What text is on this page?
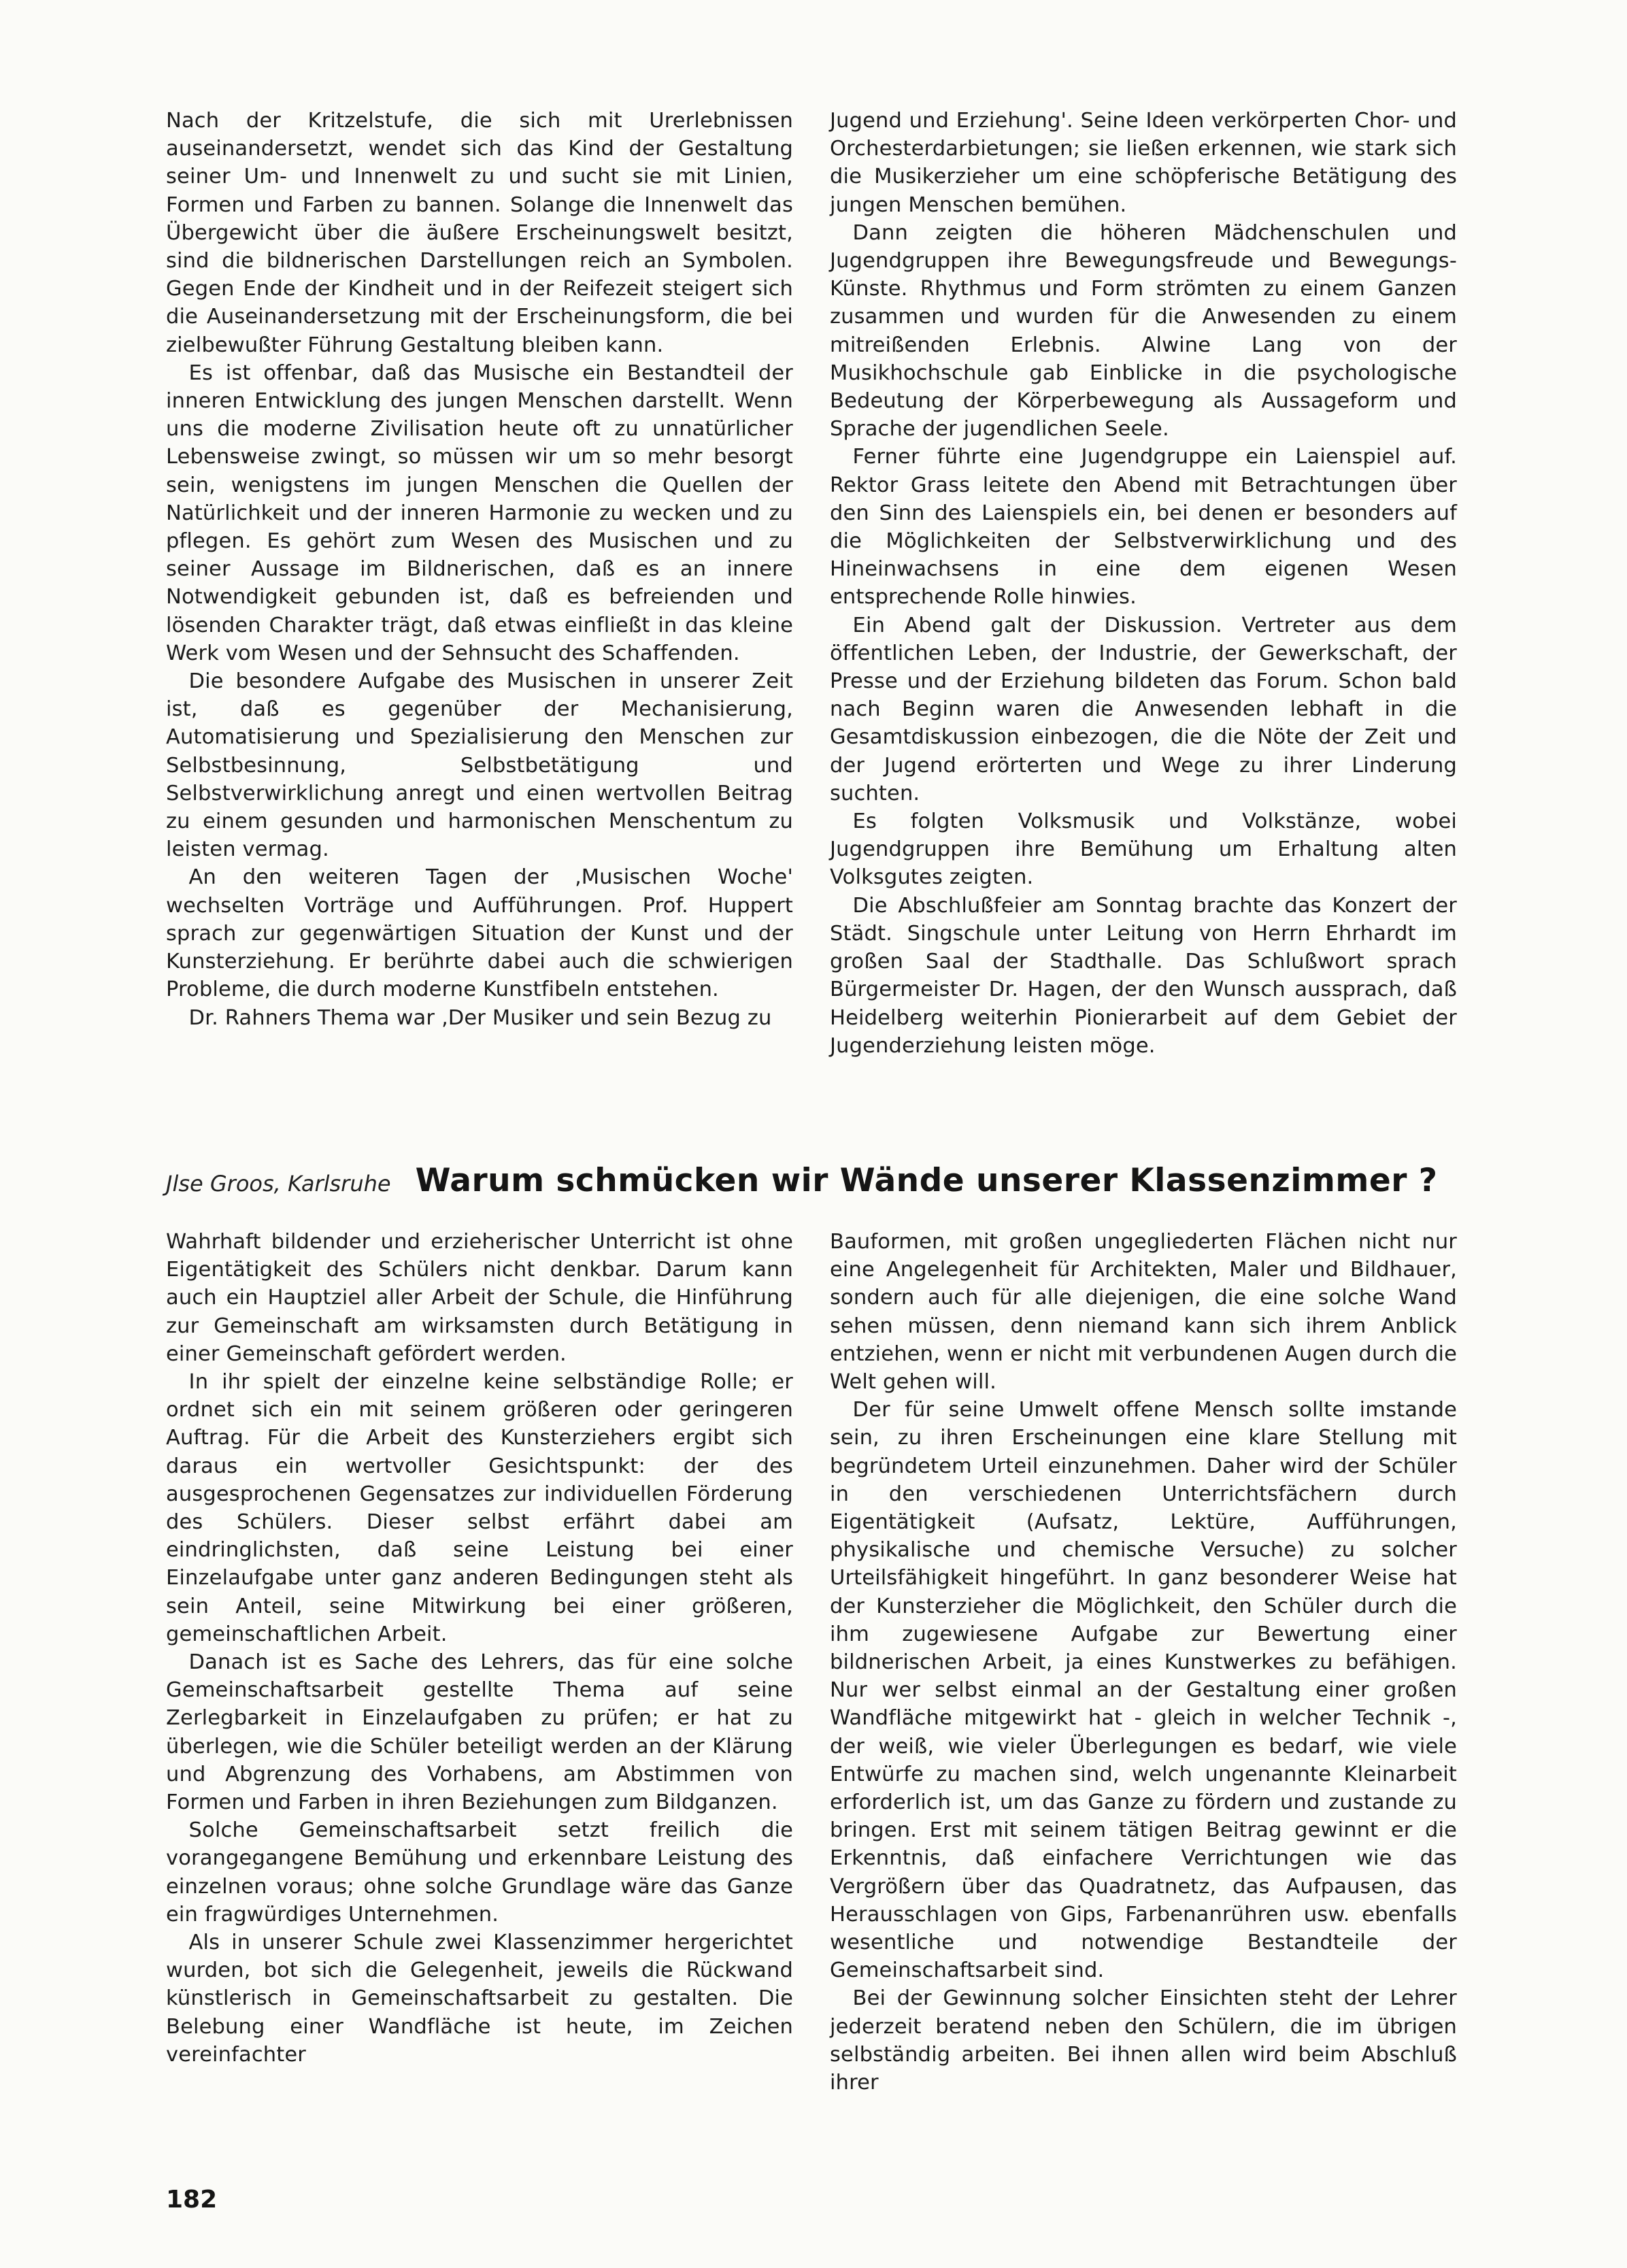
Nach der Kritzelstufe, die sich mit Urerlebnissen auseinandersetzt, wendet sich das Kind der Gestaltung seiner Um- und Innenwelt zu und sucht sie mit Linien, Formen und Farben zu bannen. Solange die Innenwelt das Übergewicht über die äußere Erscheinungswelt besitzt, sind die bildnerischen Darstellungen reich an Symbolen. Gegen Ende der Kindheit und in der Reifezeit steigert sich die Auseinandersetzung mit der Erscheinungsform, die bei zielbewußter Führung Gestaltung bleiben kann.

Es ist offenbar, daß das Musische ein Bestandteil der inneren Entwicklung des jungen Menschen darstellt. Wenn uns die moderne Zivilisation heute oft zu unnatürlicher Lebensweise zwingt, so müssen wir um so mehr besorgt sein, wenigstens im jungen Menschen die Quellen der Natürlichkeit und der inneren Harmonie zu wecken und zu pflegen. Es gehört zum Wesen des Musischen und zu seiner Aussage im Bildnerischen, daß es an innere Notwendigkeit gebunden ist, daß es befreienden und lösenden Charakter trägt, daß etwas einfließt in das kleine Werk vom Wesen und der Sehnsucht des Schaffenden.

Die besondere Aufgabe des Musischen in unserer Zeit ist, daß es gegenüber der Mechanisierung, Automatisierung und Spezialisierung den Menschen zur Selbstbesinnung, Selbstbetätigung und Selbstverwirklichung anregt und einen wertvollen Beitrag zu einem gesunden und harmonischen Menschentum zu leisten vermag.

An den weiteren Tagen der ‚Musischen Woche' wechselten Vorträge und Aufführungen. Prof. Huppert sprach zur gegenwärtigen Situation der Kunst und der Kunsterziehung. Er berührte dabei auch die schwierigen Probleme, die durch moderne Kunstfibeln entstehen.

Dr. Rahners Thema war ‚Der Musiker und sein Bezug zu

Jugend und Erziehung'. Seine Ideen verkörperten Chor- und Orchesterdarbietungen; sie ließen erkennen, wie stark sich die Musikerzieher um eine schöpferische Betätigung des jungen Menschen bemühen.

Dann zeigten die höheren Mädchenschulen und Jugendgruppen ihre Bewegungsfreude und Bewegungs-Künste. Rhythmus und Form strömten zu einem Ganzen zusammen und wurden für die Anwesenden zu einem mitreißenden Erlebnis. Alwine Lang von der Musikhochschule gab Einblicke in die psychologische Bedeutung der Körperbewegung als Aussageform und Sprache der jugendlichen Seele.

Ferner führte eine Jugendgruppe ein Laienspiel auf. Rektor Grass leitete den Abend mit Betrachtungen über den Sinn des Laienspiels ein, bei denen er besonders auf die Möglichkeiten der Selbstverwirklichung und des Hineinwachsens in eine dem eigenen Wesen entsprechende Rolle hinwies.

Ein Abend galt der Diskussion. Vertreter aus dem öffentlichen Leben, der Industrie, der Gewerkschaft, der Presse und der Erziehung bildeten das Forum. Schon bald nach Beginn waren die Anwesenden lebhaft in die Gesamtdiskussion einbezogen, die die Nöte der Zeit und der Jugend erörterten und Wege zu ihrer Linderung suchten.

Es folgten Volksmusik und Volkstänze, wobei Jugendgruppen ihre Bemühung um Erhaltung alten Volksgutes zeigten.

Die Abschlußfeier am Sonntag brachte das Konzert der Städt. Singschule unter Leitung von Herrn Ehrhardt im großen Saal der Stadthalle. Das Schlußwort sprach Bürgermeister Dr. Hagen, der den Wunsch aussprach, daß Heidelberg weiterhin Pionierarbeit auf dem Gebiet der Jugenderziehung leisten möge.

Jlse Groos, Karlsruhe Warum schmücken wir Wände unserer Klassenzimmer ?

Wahrhaft bildender und erzieherischer Unterricht ist ohne Eigentätigkeit des Schülers nicht denkbar. Darum kann auch ein Hauptziel aller Arbeit der Schule, die Hinführung zur Gemeinschaft am wirksamsten durch Betätigung in einer Gemeinschaft gefördert werden.

In ihr spielt der einzelne keine selbständige Rolle; er ordnet sich ein mit seinem größeren oder geringeren Auftrag. Für die Arbeit des Kunsterziehers ergibt sich daraus ein wertvoller Gesichtspunkt: der des ausgesprochenen Gegensatzes zur individuellen Förderung des Schülers. Dieser selbst erfährt dabei am eindringlichsten, daß seine Leistung bei einer Einzelaufgabe unter ganz anderen Bedingungen steht als sein Anteil, seine Mitwirkung bei einer größeren, gemeinschaftlichen Arbeit.

Danach ist es Sache des Lehrers, das für eine solche Gemeinschaftsarbeit gestellte Thema auf seine Zerlegbarkeit in Einzelaufgaben zu prüfen; er hat zu überlegen, wie die Schüler beteiligt werden an der Klärung und Abgrenzung des Vorhabens, am Abstimmen von Formen und Farben in ihren Beziehungen zum Bildganzen.

Solche Gemeinschaftsarbeit setzt freilich die vorangegangene Bemühung und erkennbare Leistung des einzelnen voraus; ohne solche Grundlage wäre das Ganze ein fragwürdiges Unternehmen.

Als in unserer Schule zwei Klassenzimmer hergerichtet wurden, bot sich die Gelegenheit, jeweils die Rückwand künstlerisch in Gemeinschaftsarbeit zu gestalten. Die Belebung einer Wandfläche ist heute, im Zeichen vereinfachter

Bauformen, mit großen ungegliederten Flächen nicht nur eine Angelegenheit für Architekten, Maler und Bildhauer, sondern auch für alle diejenigen, die eine solche Wand sehen müssen, denn niemand kann sich ihrem Anblick entziehen, wenn er nicht mit verbundenen Augen durch die Welt gehen will.

Der für seine Umwelt offene Mensch sollte imstande sein, zu ihren Erscheinungen eine klare Stellung mit begründetem Urteil einzunehmen. Daher wird der Schüler in den verschiedenen Unterrichtsfächern durch Eigentätigkeit (Aufsatz, Lektüre, Aufführungen, physikalische und chemische Versuche) zu solcher Urteilsfähigkeit hingeführt. In ganz besonderer Weise hat der Kunsterzieher die Möglichkeit, den Schüler durch die ihm zugewiesene Aufgabe zur Bewertung einer bildnerischen Arbeit, ja eines Kunstwerkes zu befähigen. Nur wer selbst einmal an der Gestaltung einer großen Wandfläche mitgewirkt hat - gleich in welcher Technik -, der weiß, wie vieler Überlegungen es bedarf, wie viele Entwürfe zu machen sind, welch ungenannte Kleinarbeit erforderlich ist, um das Ganze zu fördern und zustande zu bringen. Erst mit seinem tätigen Beitrag gewinnt er die Erkenntnis, daß einfachere Verrichtungen wie das Vergrößern über das Quadratnetz, das Aufpausen, das Herausschlagen von Gips, Farbenanrühren usw. ebenfalls wesentliche und notwendige Bestandteile der Gemeinschaftsarbeit sind.

Bei der Gewinnung solcher Einsichten steht der Lehrer jederzeit beratend neben den Schülern, die im übrigen selbständig arbeiten. Bei ihnen allen wird beim Abschluß ihrer

182
